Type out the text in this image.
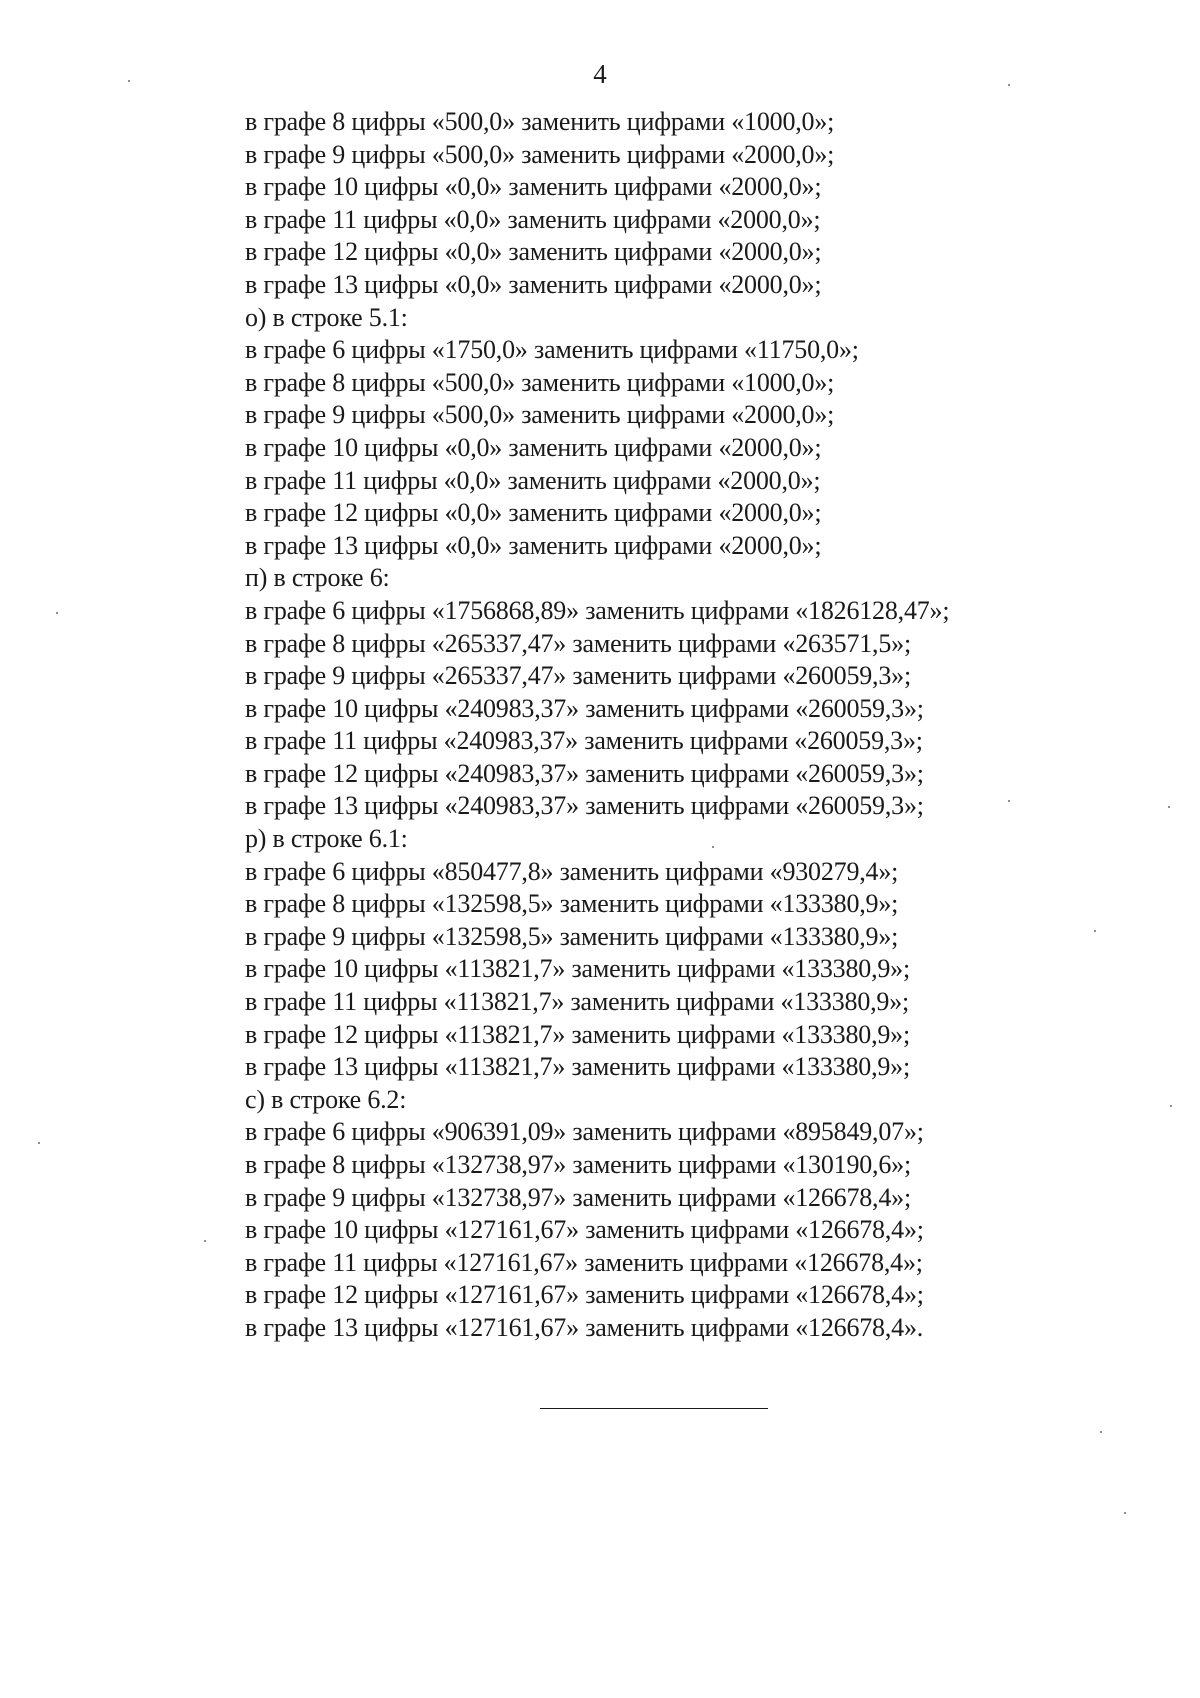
4
в графе 8 цифры «500,0» заменить цифрами «1000,0»;
в графе 9 цифры «500,0» заменить цифрами «2000,0»;
в графе 10 цифры «0,0» заменить цифрами «2000,0»;
в графе 11 цифры «0,0» заменить цифрами «2000,0»;
в графе 12 цифры «0,0» заменить цифрами «2000,0»;
в графе 13 цифры «0,0» заменить цифрами «2000,0»;
о) в строке 5.1:
в графе 6 цифры «1750,0» заменить цифрами «11750,0»;
в графе 8 цифры «500,0» заменить цифрами «1000,0»;
в графе 9 цифры «500,0» заменить цифрами «2000,0»;
в графе 10 цифры «0,0» заменить цифрами «2000,0»;
в графе 11 цифры «0,0» заменить цифрами «2000,0»;
в графе 12 цифры «0,0» заменить цифрами «2000,0»;
в графе 13 цифры «0,0» заменить цифрами «2000,0»;
п) в строке 6:
в графе 6 цифры «1756868,89» заменить цифрами «1826128,47»;
в графе 8 цифры «265337,47» заменить цифрами «263571,5»;
в графе 9 цифры «265337,47» заменить цифрами «260059,3»;
в графе 10 цифры «240983,37» заменить цифрами «260059,3»;
в графе 11 цифры «240983,37» заменить цифрами «260059,3»;
в графе 12 цифры «240983,37» заменить цифрами «260059,3»;
в графе 13 цифры «240983,37» заменить цифрами «260059,3»;
р) в строке 6.1:
в графе 6 цифры «850477,8» заменить цифрами «930279,4»;
в графе 8 цифры «132598,5» заменить цифрами «133380,9»;
в графе 9 цифры «132598,5» заменить цифрами «133380,9»;
в графе 10 цифры «113821,7» заменить цифрами «133380,9»;
в графе 11 цифры «113821,7» заменить цифрами «133380,9»;
в графе 12 цифры «113821,7» заменить цифрами «133380,9»;
в графе 13 цифры «113821,7» заменить цифрами «133380,9»;
с) в строке 6.2:
в графе 6 цифры «906391,09» заменить цифрами «895849,07»;
в графе 8 цифры «132738,97» заменить цифрами «130190,6»;
в графе 9 цифры «132738,97» заменить цифрами «126678,4»;
в графе 10 цифры «127161,67» заменить цифрами «126678,4»;
в графе 11 цифры «127161,67» заменить цифрами «126678,4»;
в графе 12 цифры «127161,67» заменить цифрами «126678,4»;
в графе 13 цифры «127161,67» заменить цифрами «126678,4».
